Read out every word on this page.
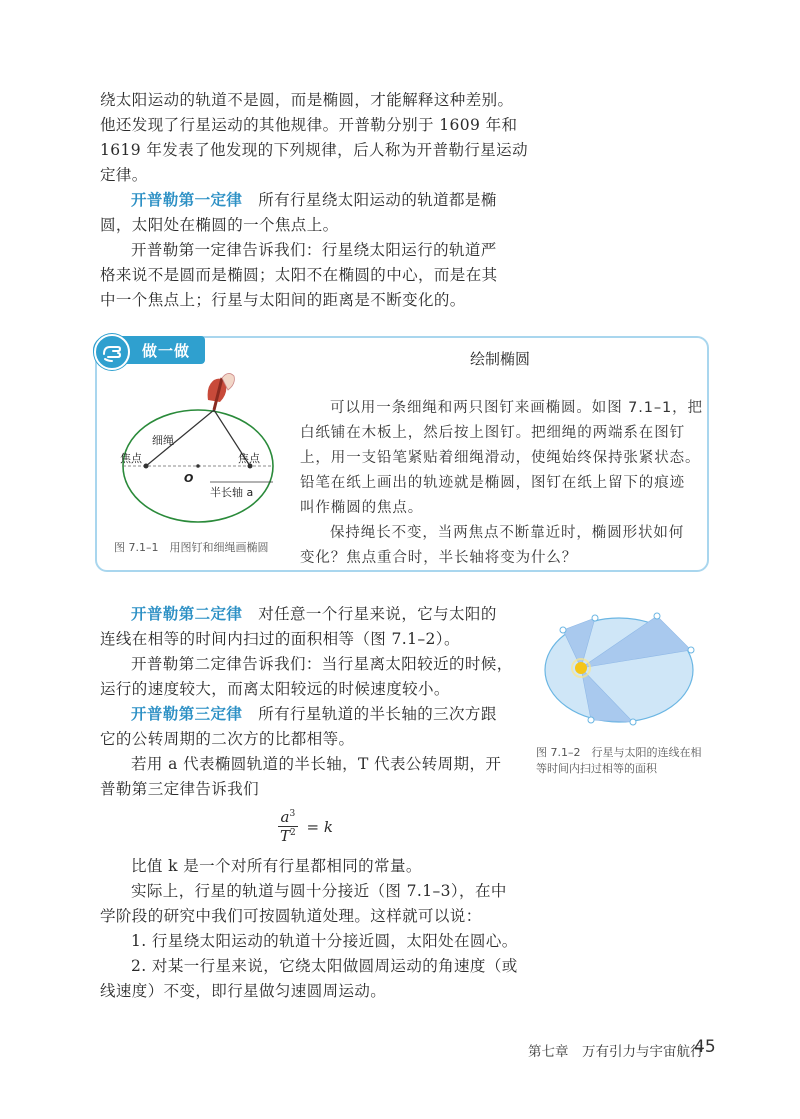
绕太阳运动的轨道不是圆，而是椭圆，才能解释这种差别。

他还发现了行星运动的其他规律。开普勒分别于 1609 年和

1619 年发表了他发现的下列规律，后人称为开普勒行星运动

定律。

开普勒第一定律　所有行星绕太阳运动的轨道都是椭

圆，太阳处在椭圆的一个焦点上。

开普勒第一定律告诉我们：行星绕太阳运行的轨道严

格来说不是圆而是椭圆；太阳不在椭圆的中心，而是在其

中一个焦点上；行星与太阳间的距离是不断变化的。

做一做	绘制椭圆
细绳
焦点	焦点
O
半长轴 a
图 7.1–1　用图钉和细绳画椭圆

可以用一条细绳和两只图钉来画椭圆。如图 7.1–1，把

白纸铺在木板上，然后按上图钉。把细绳的两端系在图钉

上，用一支铅笔紧贴着细绳滑动，使绳始终保持张紧状态。

铅笔在纸上画出的轨迹就是椭圆，图钉在纸上留下的痕迹

叫作椭圆的焦点。

保持绳长不变，当两焦点不断靠近时，椭圆形状如何

变化？焦点重合时，半长轴将变为什么？

开普勒第二定律　对任意一个行星来说，它与太阳的

连线在相等的时间内扫过的面积相等（图 7.1–2）。

开普勒第二定律告诉我们：当行星离太阳较近的时候，

运行的速度较大，而离太阳较远的时候速度较小。

开普勒第三定律　所有行星轨道的半长轴的三次方跟

它的公转周期的二次方的比都相等。

若用 a 代表椭圆轨道的半长轴，T 代表公转周期，开

普勒第三定律告诉我们

$\frac{a^3}{T^2} = k$

比值 k 是一个对所有行星都相同的常量。

实际上，行星的轨道与圆十分接近（图 7.1–3），在中

学阶段的研究中我们可按圆轨道处理。这样就可以说：

1. 行星绕太阳运动的轨道十分接近圆，太阳处在圆心。

2. 对某一行星来说，它绕太阳做圆周运动的角速度（或

线速度）不变，即行星做匀速圆周运动。

图 7.1–2　行星与太阳的连线在相
等时间内扫过相等的面积
第七章　万有引力与宇宙航行
45
